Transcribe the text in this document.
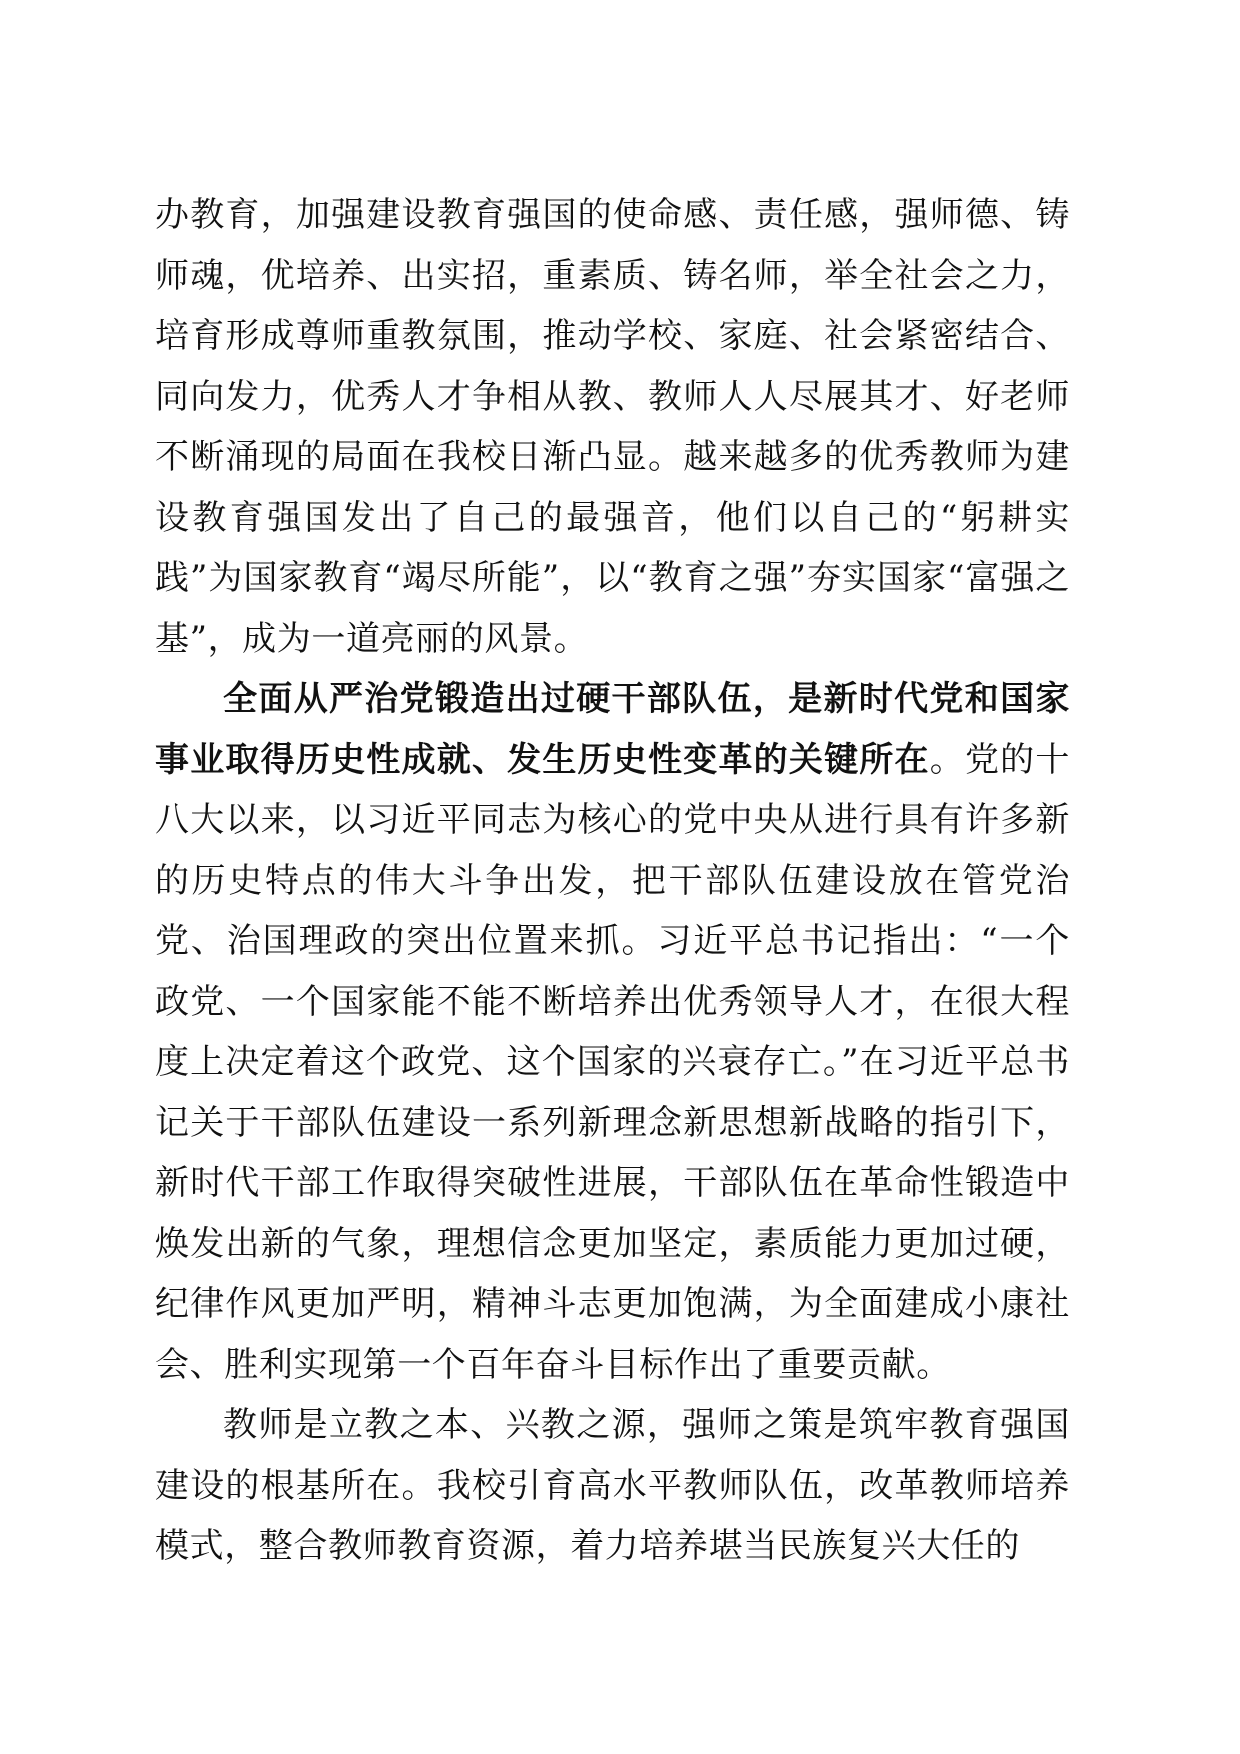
办教育，加强建设教育强国的使命感、责任感，强师德、铸师魂，优培养、出实招，重素质、铸名师，举全社会之力，培育形成尊师重教氛围，推动学校、家庭、社会紧密结合、同向发力，优秀人才争相从教、教师人人尽展其才、好老师不断涌现的局面在我校日渐凸显。越来越多的优秀教师为建设教育强国发出了自己的最强音，他们以自己的“躬耕实践”为国家教育“竭尽所能”，以“教育之强”夯实国家“富强之基”，成为一道亮丽的风景。

全面从严治党锻造出过硬干部队伍，是新时代党和国家事业取得历史性成就、发生历史性变革的关键所在。党的十八大以来，以习近平同志为核心的党中央从进行具有许多新的历史特点的伟大斗争出发，把干部队伍建设放在管党治党、治国理政的突出位置来抓。习近平总书记指出：“一个政党、一个国家能不能不断培养出优秀领导人才，在很大程度上决定着这个政党、这个国家的兴衰存亡。”在习近平总书记关于干部队伍建设一系列新理念新思想新战略的指引下，新时代干部工作取得突破性进展，干部队伍在革命性锻造中焕发出新的气象，理想信念更加坚定，素质能力更加过硬，纪律作风更加严明，精神斗志更加饱满，为全面建成小康社会、胜利实现第一个百年奋斗目标作出了重要贡献。

教师是立教之本、兴教之源，强师之策是筑牢教育强国建设的根基所在。我校引育高水平教师队伍，改革教师培养模式，整合教师教育资源，着力培养堪当民族复兴大任的
